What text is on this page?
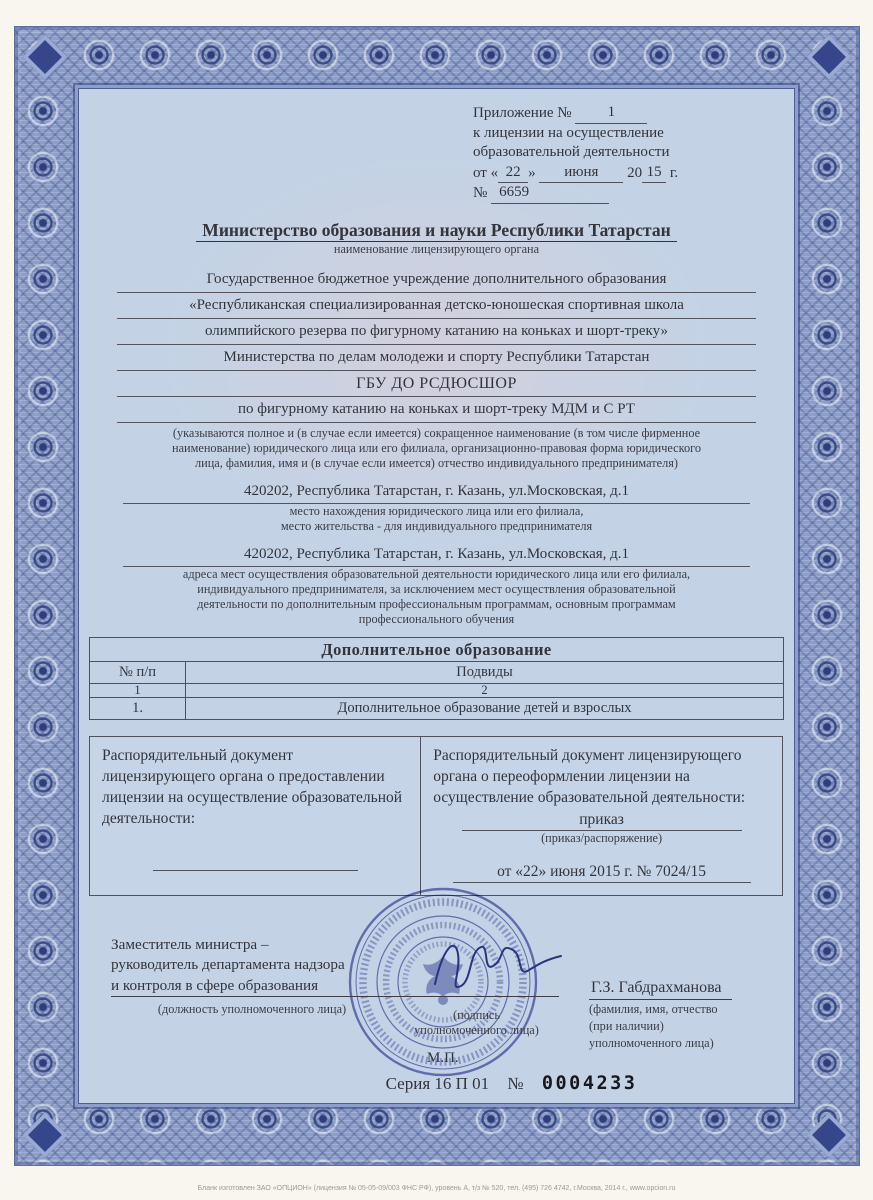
Приложение № 1
к лицензии на осуществление
образовательной деятельности
от « 22 » июня 20 15 г.
№ 6659
Министерство образования и науки Республики Татарстан
наименование лицензирующего органа
Государственное бюджетное учреждение дополнительного образования
«Республиканская специализированная детско-юношеская спортивная школа
олимпийского резерва по фигурному катанию на коньках и шорт-треку»
Министерства по делам молодежи и спорту Республики Татарстан
ГБУ ДО РСДЮСШОР
по фигурному катанию на коньках и шорт-треку МДМ и С РТ
(указываются полное и (в случае если имеется) сокращенное наименование (в том числе фирменное
наименование) юридического лица или его филиала, организационно-правовая форма юридического
лица, фамилия, имя и (в случае если имеется) отчество индивидуального предпринимателя)
420202, Республика Татарстан, г. Казань, ул.Московская, д.1
место нахождения юридического лица или его филиала,
место жительства - для индивидуального предпринимателя
420202, Республика Татарстан, г. Казань, ул.Московская, д.1
адреса мест осуществления образовательной деятельности юридического лица или его филиала,
индивидуального предпринимателя, за исключением мест осуществления образовательной
деятельности по дополнительным профессиональным программам, основным программам
профессионального обучения
Дополнительное образование	
№ п/п	Подвиды
1	2
1.	Дополнительное образование детей и взрослых
Распорядительный документ лицензирующего органа о предоставлении лицензии на осуществление образовательной деятельности:
Распорядительный документ лицензирующего органа о переоформлении лицензии на осуществление образовательной деятельности:
приказ
(приказ/распоряжение)
от «22» июня 2015 г. № 7024/15
Заместитель министра –
руководитель департамента надзора
и контроля в сфере образования
(должность уполномоченного лица)	(подпись
уполномоченного лица)
М.П.
Г.З. Габдрахманова
(фамилия, имя, отчество
(при наличии)
уполномоченного лица)
Серия 16 П 01 № 0004233
Бланк изготовлен ЗАО «ОПЦИОН» (лицензия № 05-05-09/003 ФНС РФ), уровень А, т/з № 520, тел. (495) 726 4742, г.Москва, 2014 г., www.opcion.ru
